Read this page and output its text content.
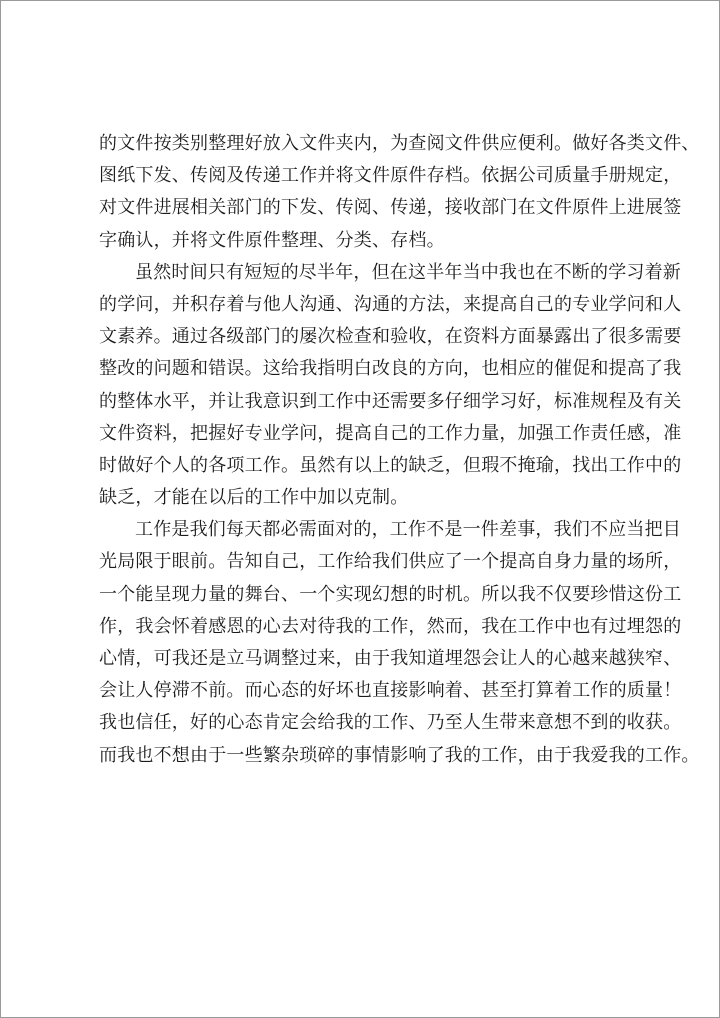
的文件按类别整理好放入文件夹内，为查阅文件供应便利。做好各类文件、
图纸下发、传阅及传递工作并将文件原件存档。依据公司质量手册规定，
对文件进展相关部门的下发、传阅、传递，接收部门在文件原件上进展签
字确认，并将文件原件整理、分类、存档。
虽然时间只有短短的尽半年，但在这半年当中我也在不断的学习着新
的学问，并积存着与他人沟通、沟通的方法，来提高自己的专业学问和人
文素养。通过各级部门的屡次检查和验收，在资料方面暴露出了很多需要
整改的问题和错误。这给我指明白改良的方向，也相应的催促和提高了我
的整体水平，并让我意识到工作中还需要多仔细学习好，标准规程及有关
文件资料，把握好专业学问，提高自己的工作力量，加强工作责任感，准
时做好个人的各项工作。虽然有以上的缺乏，但瑕不掩瑜，找出工作中的
缺乏，才能在以后的工作中加以克制。
工作是我们每天都必需面对的，工作不是一件差事，我们不应当把目
光局限于眼前。告知自己，工作给我们供应了一个提高自身力量的场所，
一个能呈现力量的舞台、一个实现幻想的时机。所以我不仅要珍惜这份工
作，我会怀着感恩的心去对待我的工作，然而，我在工作中也有过埋怨的
心情，可我还是立马调整过来，由于我知道埋怨会让人的心越来越狭窄、
会让人停滞不前。而心态的好坏也直接影响着、甚至打算着工作的质量！
我也信任，好的心态肯定会给我的工作、乃至人生带来意想不到的收获。
而我也不想由于一些繁杂琐碎的事情影响了我的工作，由于我爱我的工作。
